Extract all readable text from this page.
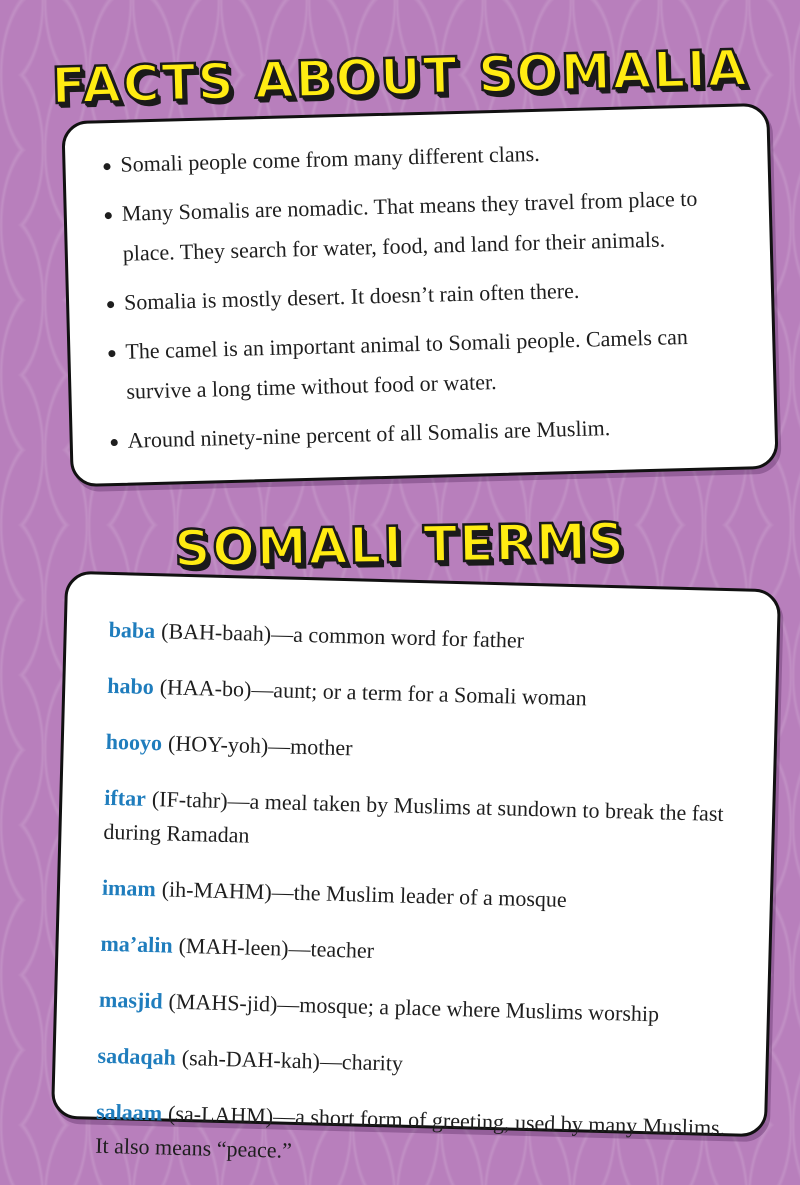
FACTS ABOUT SOMALIA
Somali people come from many different clans.
Many Somalis are nomadic. That means they travel from place to place. They search for water, food, and land for their animals.
Somalia is mostly desert. It doesn’t rain often there.
The camel is an important animal to Somali people. Camels can survive a long time without food or water.
Around ninety-nine percent of all Somalis are Muslim.
SOMALI TERMS

baba (BAH-baah)—a common word for father

habo (HAA-bo)—aunt; or a term for a Somali woman

hooyo (HOY-yoh)—mother

iftar (IF-tahr)—a meal taken by Muslims at sundown to break the fast during Ramadan

imam (ih-MAHM)—the Muslim leader of a mosque

ma’alin (MAH-leen)—teacher

masjid (MAHS-jid)—mosque; a place where Muslims worship

sadaqah (sah-DAH-kah)—charity

salaam (sa-LAHM)—a short form of greeting, used by many Muslims. It also means “peace.”
